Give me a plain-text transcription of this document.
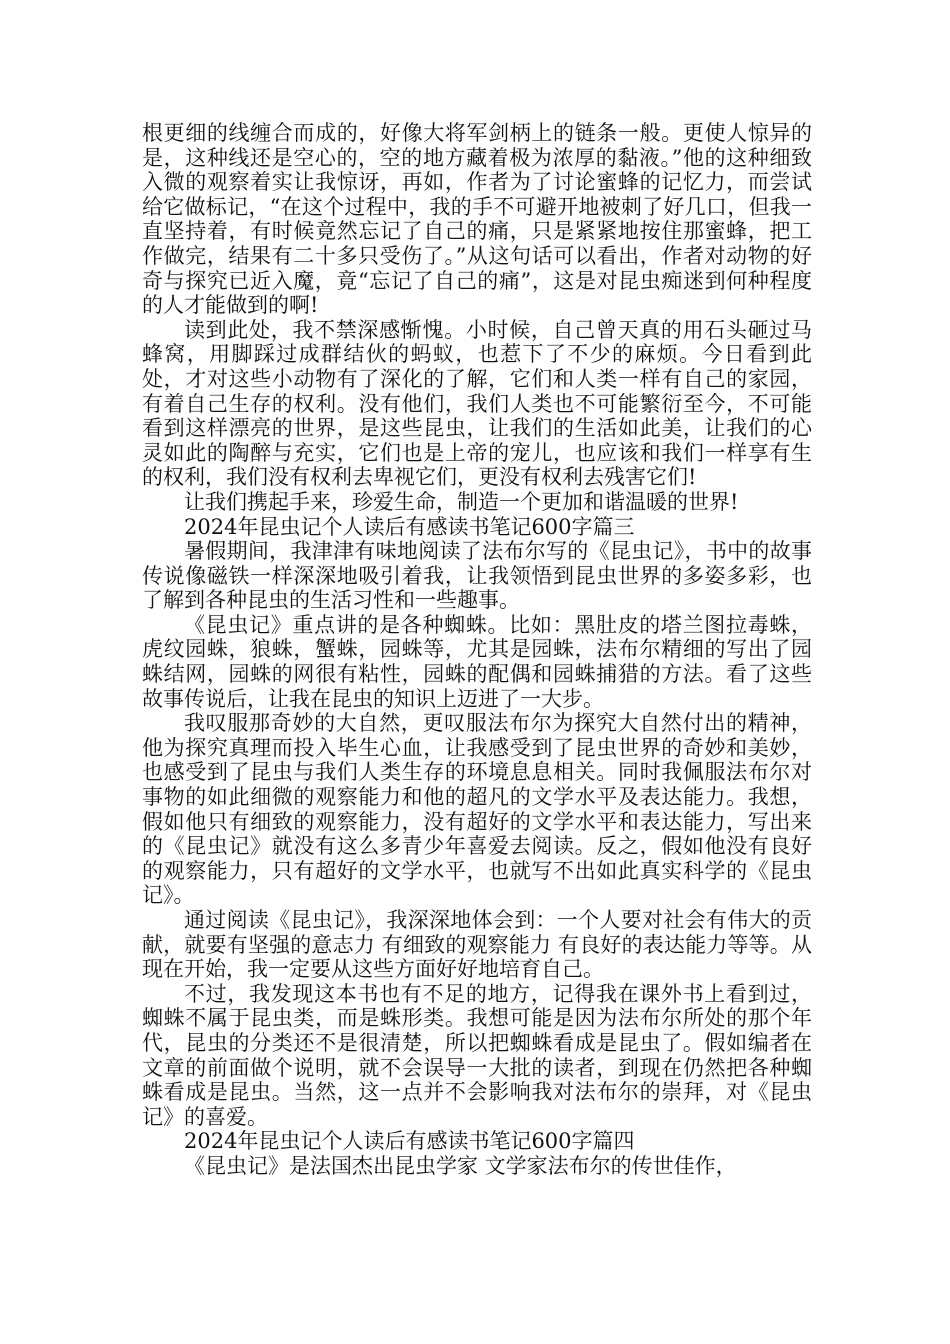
根更细的线缠合而成的，好像大将军剑柄上的链条一般。更使人惊异的是，这种线还是空心的，空的地方藏着极为浓厚的黏液。”他的这种细致入微的观察着实让我惊讶，再如，作者为了讨论蜜蜂的记忆力，而尝试给它做标记，“在这个过程中，我的手不可避开地被刺了好几口，但我一直坚持着，有时候竟然忘记了自己的痛，只是紧紧地按住那蜜蜂，把工作做完，结果有二十多只受伤了。”从这句话可以看出，作者对动物的好奇与探究已近入魔，竟“忘记了自己的痛”，这是对昆虫痴迷到何种程度的人才能做到的啊!

读到此处，我不禁深感惭愧。小时候，自己曾天真的用石头砸过马蜂窝，用脚踩过成群结伙的蚂蚁，也惹下了不少的麻烦。今日看到此处，才对这些小动物有了深化的了解，它们和人类一样有自己的家园，有着自己生存的权利。没有他们，我们人类也不可能繁衍至今，不可能看到这样漂亮的世界，是这些昆虫，让我们的生活如此美，让我们的心灵如此的陶醉与充实，它们也是上帝的宠儿，也应该和我们一样享有生的权利，我们没有权利去卑视它们，更没有权利去残害它们!

让我们携起手来，珍爱生命，制造一个更加和谐温暖的世界!

2024年昆虫记个人读后有感读书笔记600字篇三

暑假期间，我津津有味地阅读了法布尔写的《昆虫记》，书中的故事传说像磁铁一样深深地吸引着我，让我领悟到昆虫世界的多姿多彩，也了解到各种昆虫的生活习性和一些趣事。

《昆虫记》重点讲的是各种蜘蛛。比如：黑肚皮的塔兰图拉毒蛛，虎纹园蛛，狼蛛，蟹蛛，园蛛等，尤其是园蛛，法布尔精细的写出了园蛛结网，园蛛的网很有粘性，园蛛的配偶和园蛛捕猎的方法。看了这些故事传说后，让我在昆虫的知识上迈进了一大步。

我叹服那奇妙的大自然，更叹服法布尔为探究大自然付出的精神，他为探究真理而投入毕生心血，让我感受到了昆虫世界的奇妙和美妙，也感受到了昆虫与我们人类生存的环境息息相关。同时我佩服法布尔对事物的如此细微的观察能力和他的超凡的文学水平及表达能力。我想，假如他只有细致的观察能力，没有超好的文学水平和表达能力，写出来的《昆虫记》就没有这么多青少年喜爱去阅读。反之，假如他没有良好的观察能力，只有超好的文学水平，也就写不出如此真实科学的《昆虫记》。

通过阅读《昆虫记》，我深深地体会到：一个人要对社会有伟大的贡献，就要有坚强的意志力 有细致的观察能力 有良好的表达能力等等。从现在开始，我一定要从这些方面好好地培育自己。

不过，我发现这本书也有不足的地方，记得我在课外书上看到过，蜘蛛不属于昆虫类，而是蛛形类。我想可能是因为法布尔所处的那个年代，昆虫的分类还不是很清楚，所以把蜘蛛看成是昆虫了。假如编者在文章的前面做个说明，就不会误导一大批的读者，到现在仍然把各种蜘蛛看成是昆虫。当然，这一点并不会影响我对法布尔的崇拜，对《昆虫记》的喜爱。

2024年昆虫记个人读后有感读书笔记600字篇四

《昆虫记》是法国杰出昆虫学家 文学家法布尔的传世佳作，
